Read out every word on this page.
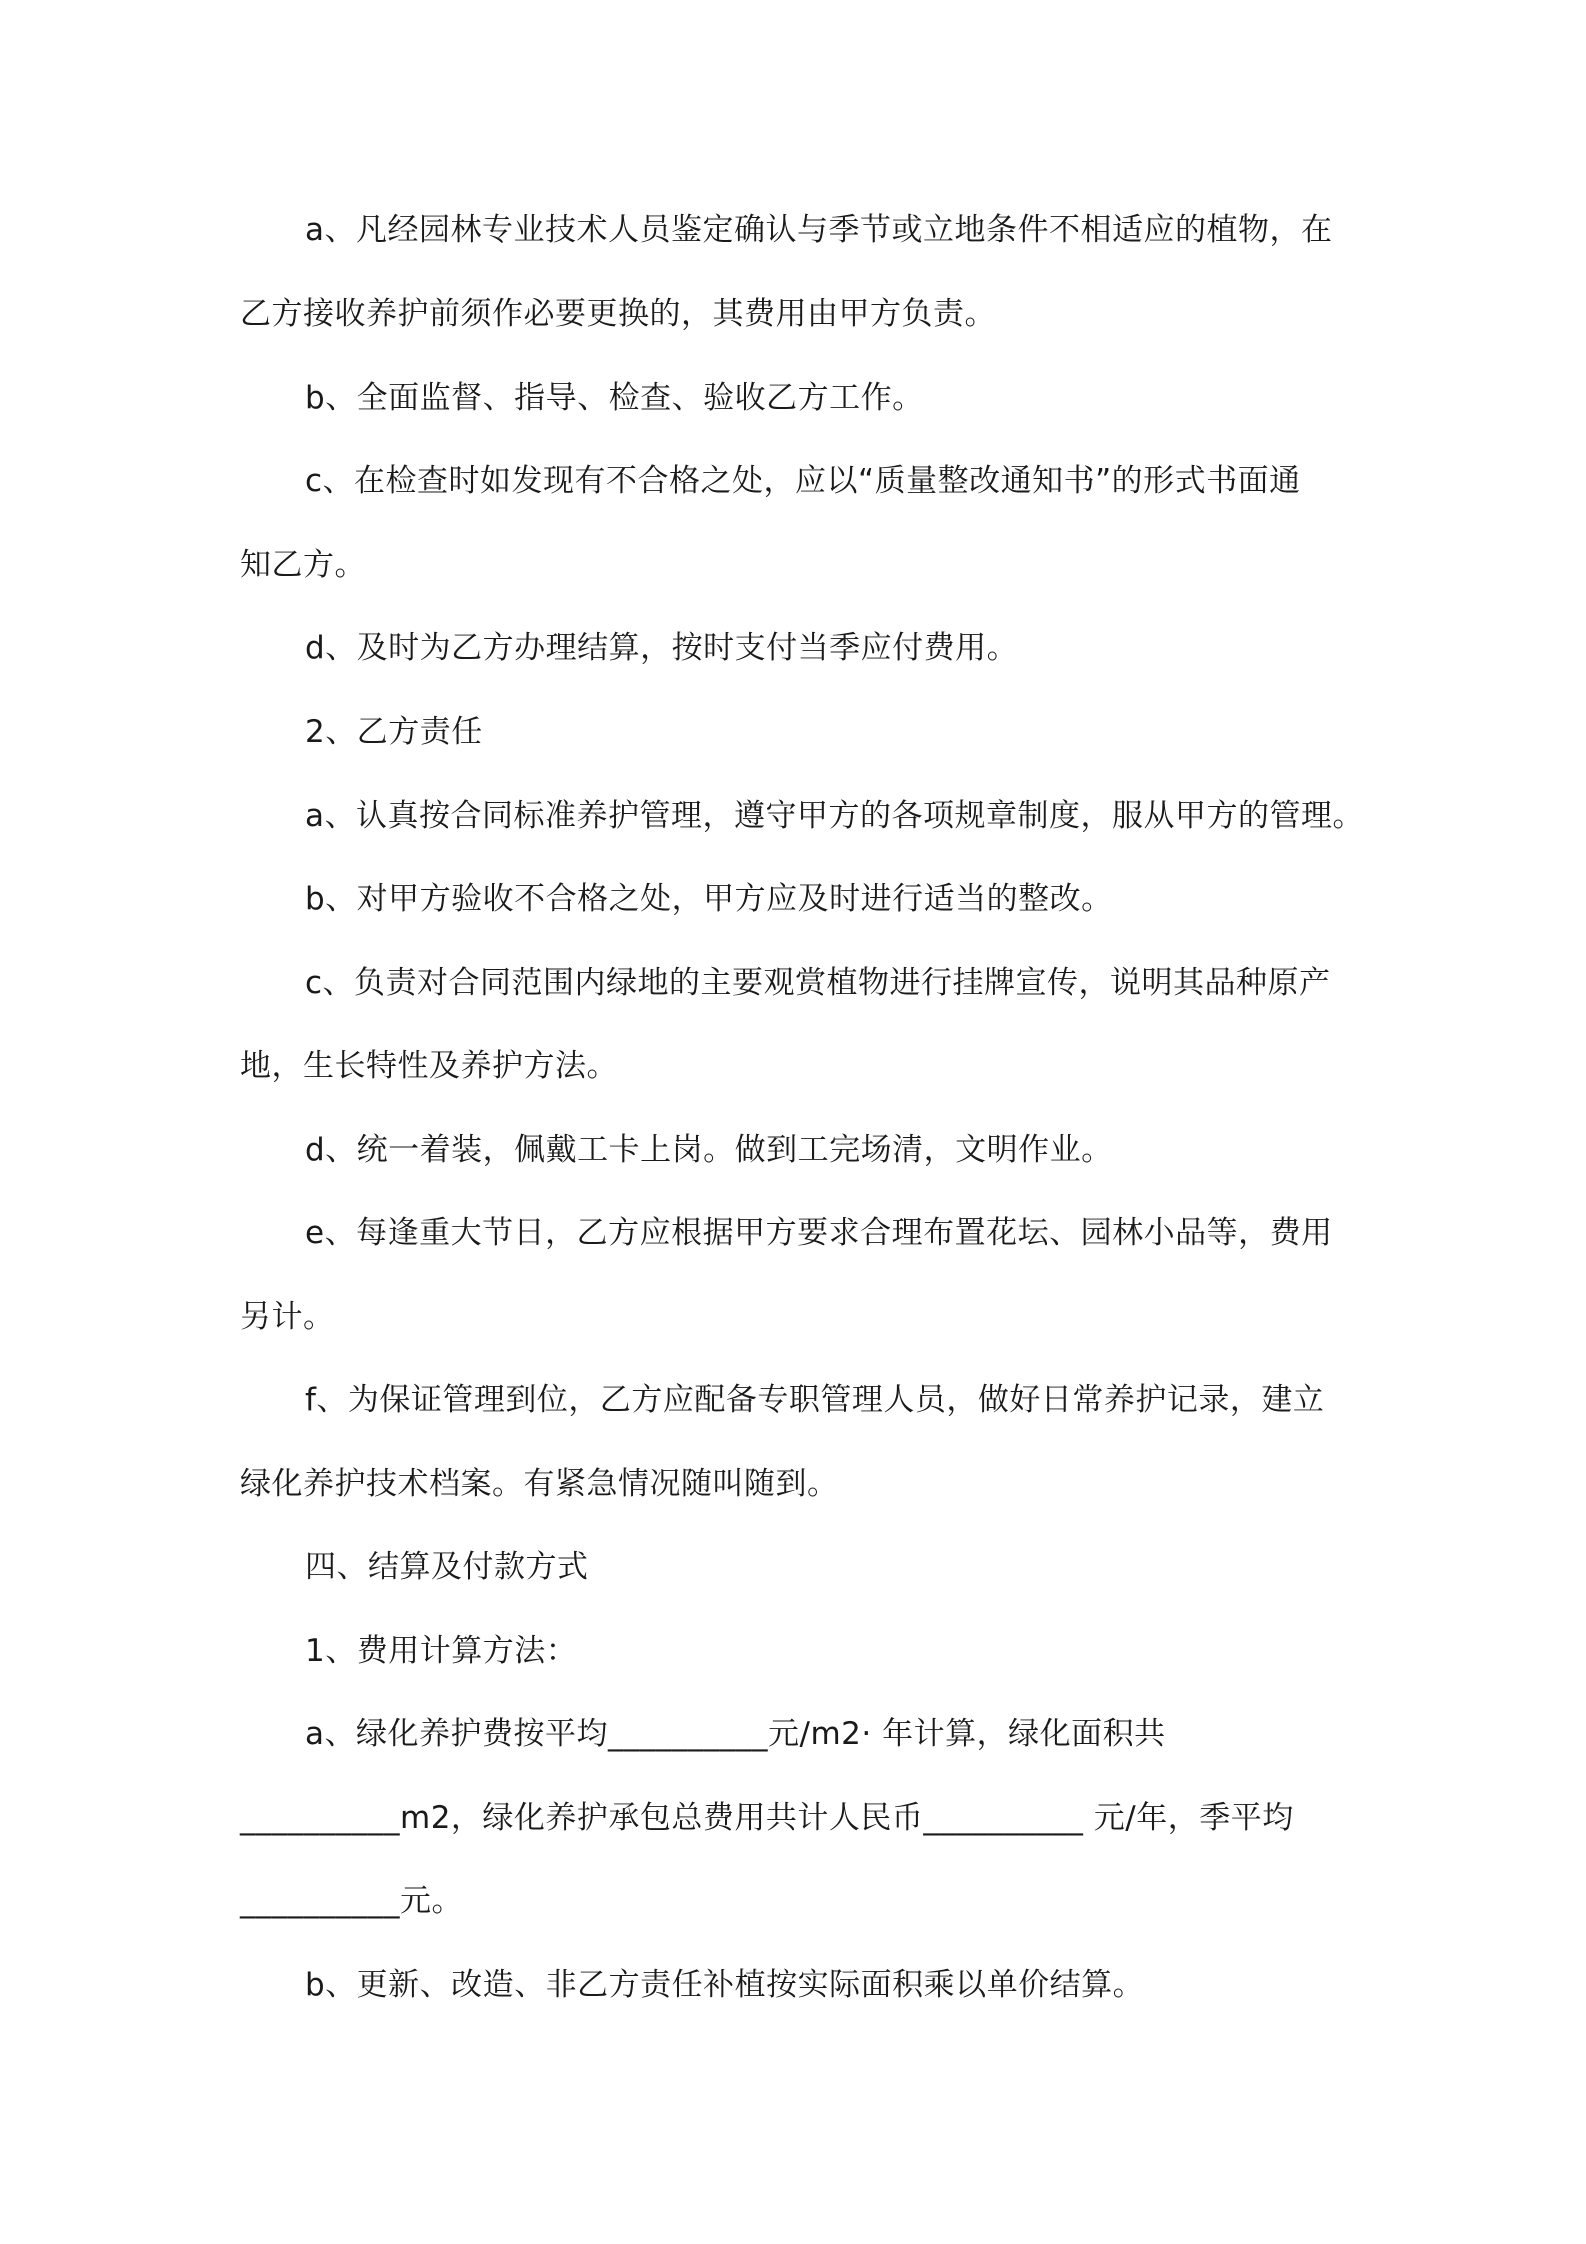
a、凡经园林专业技术人员鉴定确认与季节或立地条件不相适应的植物，在
乙方接收养护前须作必要更换的，其费用由甲方负责。
b、全面监督、指导、检查、验收乙方工作。
c、在检查时如发现有不合格之处，应以“质量整改通知书”的形式书面通
知乙方。
d、及时为乙方办理结算，按时支付当季应付费用。
2、乙方责任
a、认真按合同标准养护管理，遵守甲方的各项规章制度，服从甲方的管理。
b、对甲方验收不合格之处，甲方应及时进行适当的整改。
c、负责对合同范围内绿地的主要观赏植物进行挂牌宣传，说明其品种原产
地，生长特性及养护方法。
d、统一着装，佩戴工卡上岗。做到工完场清，文明作业。
e、每逢重大节日，乙方应根据甲方要求合理布置花坛、园林小品等，费用
另计。
f、为保证管理到位，乙方应配备专职管理人员，做好日常养护记录，建立
绿化养护技术档案。有紧急情况随叫随到。
四、结算及付款方式
1、费用计算方法：
a、绿化养护费按平均__________元/m2· 年计算，绿化面积共
__________m2，绿化养护承包总费用共计人民币__________ 元/年，季平均
__________元。
b、更新、改造、非乙方责任补植按实际面积乘以单价结算。
